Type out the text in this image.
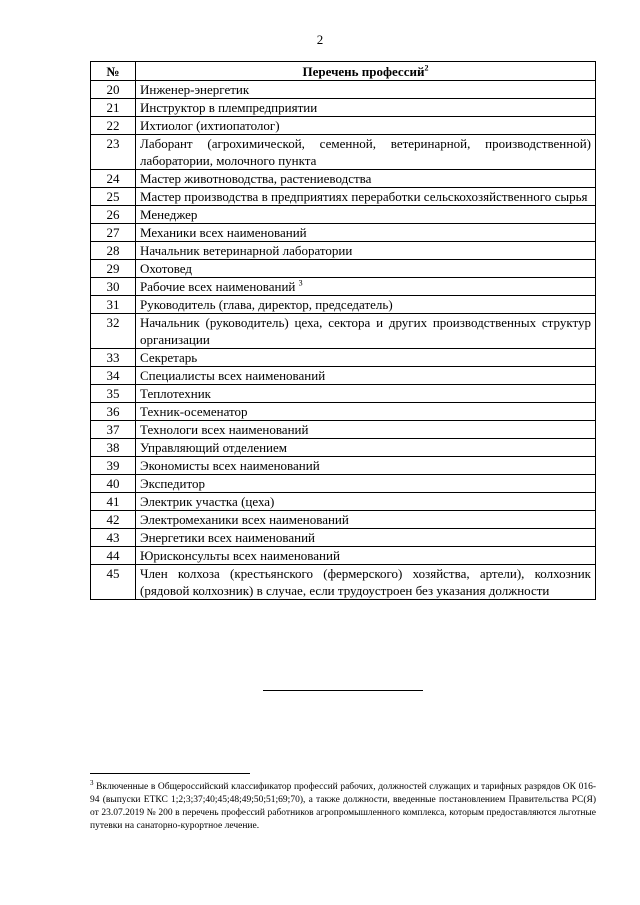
2
№	Перечень профессий$^2$
20	Инженер-энергетик
21	Инструктор в племпредприятии
22	Ихтиолог (ихтиопатолог)
23	Лаборант (агрохимической, семенной, ветеринарной, производственной) лаборатории, молочного пункта
24	Мастер животноводства, растениеводства
25	Мастер производства в предприятиях переработки сельскохозяйственного сырья
26	Менеджер
27	Механики всех наименований
28	Начальник ветеринарной лаборатории
29	Охотовед
30	Рабочие всех наименований $^3$
31	Руководитель (глава, директор, председатель)
32	Начальник (руководитель) цеха, сектора и других производственных структур организации
33	Секретарь
34	Специалисты всех наименований
35	Теплотехник
36	Техник-осеменатор
37	Технологи всех наименований
38	Управляющий отделением
39	Экономисты всех наименований
40	Экспедитор
41	Электрик участка (цеха)
42	Электромеханики всех наименований
43	Энергетики всех наименований
44	Юрисконсульты всех наименований
45	Член колхоза (крестьянского (фермерского) хозяйства, артели), колхозник (рядовой колхозник) в случае, если трудоустроен без указания должности
$^3$ Включенные в Общероссийский классификатор профессий рабочих, должностей служащих и тарифных разрядов ОК 016-94 (выпуски ЕТКС 1;2;3;37;40;45;48;49;50;51;69;70), а также должности, введенные постановлением Правительства РС(Я) от 23.07.2019 № 200 в перечень профессий работников агропромышленного комплекса, которым предоставляются льготные путевки на санаторно-курортное лечение.
